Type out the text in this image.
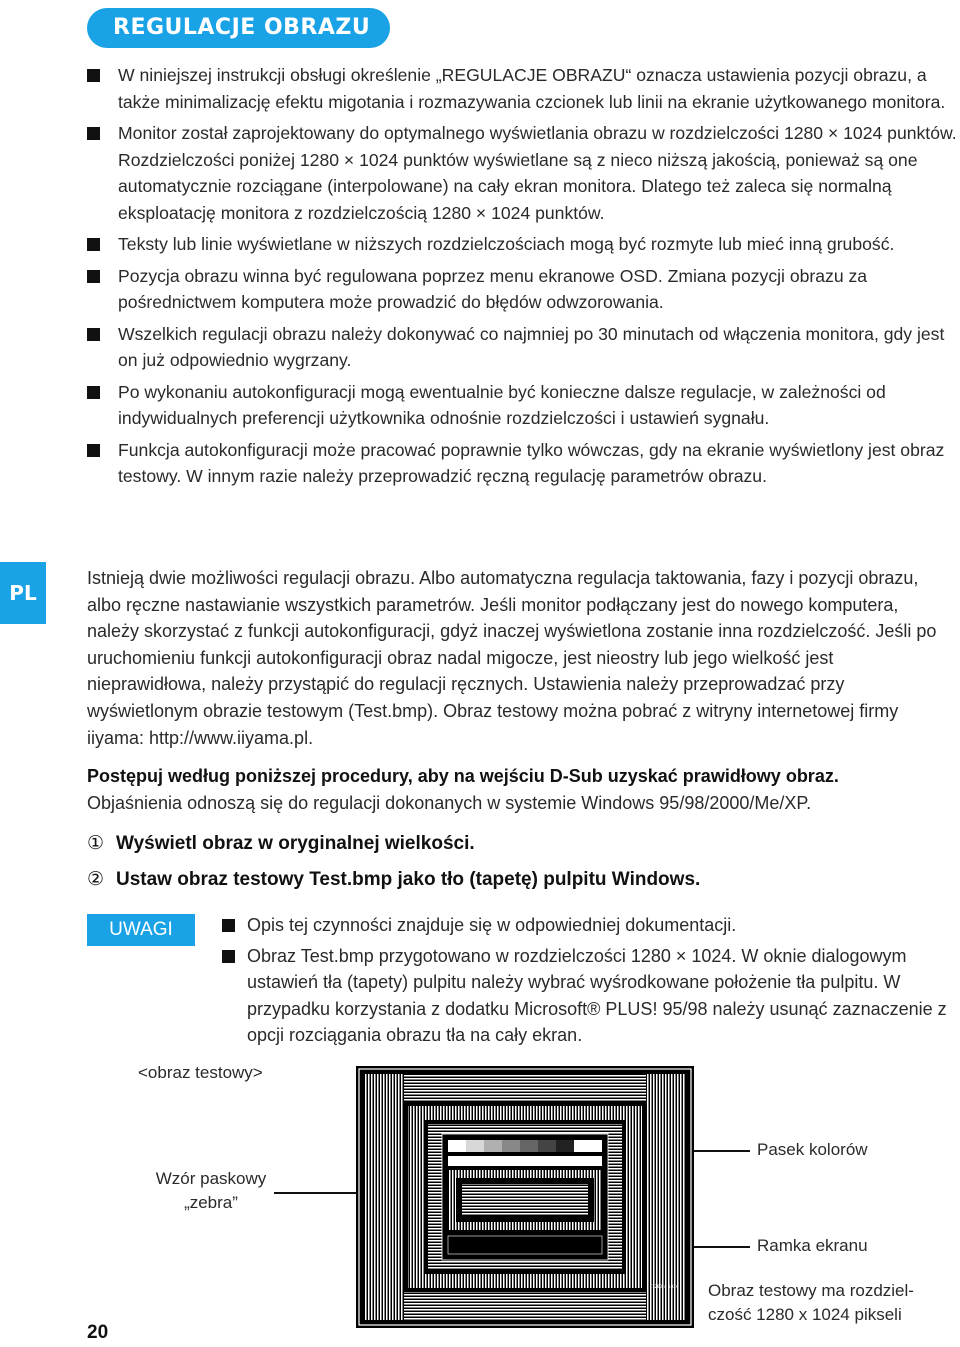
REGULACJE OBRAZU
W niniejszej instrukcji obsługi określenie „REGULACJE OBRAZU“ oznacza ustawienia pozycji obrazu, a także minimalizację efektu migotania i rozmazywania czcionek lub linii na ekranie użytkowanego monitora.
Monitor został zaprojektowany do optymalnego wyświetlania obrazu w rozdzielczości 1280 × 1024 punktów. Rozdzielczości poniżej 1280 × 1024 punktów wyświetlane są z nieco niższą jakością, ponieważ są one automatycznie rozciągane (interpolowane) na cały ekran monitora. Dlatego też zaleca się normalną eksploatację monitora z rozdzielczością 1280 × 1024 punktów.
Teksty lub linie wyświetlane w niższych rozdzielczościach mogą być rozmyte lub mieć inną grubość.
Pozycja obrazu winna być regulowana poprzez menu ekranowe OSD. Zmiana pozycji obrazu za pośrednictwem komputera może prowadzić do błędów odwzorowania.
Wszelkich regulacji obrazu należy dokonywać co najmniej po 30 minutach od włączenia monitora, gdy jest on już odpowiednio wygrzany.
Po wykonaniu autokonfiguracji mogą ewentualnie być konieczne dalsze regulacje, w zależności od indywidualnych preferencji użytkownika odnośnie rozdzielczości i ustawień sygnału.
Funkcja autokonfiguracji może pracować poprawnie tylko wówczas, gdy na ekranie wyświetlony jest obraz testowy. W innym razie należy przeprowadzić ręczną regulację parametrów obrazu.
PL

Istnieją dwie możliwości regulacji obrazu. Albo automatyczna regulacja taktowania, fazy i pozycji obrazu, albo ręczne nastawianie wszystkich parametrów. Jeśli monitor podłączany jest do nowego komputera, należy skorzystać z funkcji autokonfiguracji, gdyż inaczej wyświetlona zostanie inna rozdzielczość. Jeśli po uruchomieniu funkcji autokonfiguracji obraz nadal migocze, jest nieostry lub jego wielkość jest nieprawidłowa, należy przystąpić do regulacji ręcznych. Ustawienia należy przeprowadzać przy wyświetlonym obrazie testowym (Test.bmp). Obraz testowy można pobrać z witryny internetowej firmy iiyama: http://www.iiyama.pl.

Postępuj według poniższej procedury, aby na wejściu D-Sub uzyskać prawidłowy obraz.
Objaśnienia odnoszą się do regulacji dokonanych w systemie Windows 95/98/2000/Me/XP.
① Wyświetl obraz w oryginalnej wielkości.
② Ustaw obraz testowy Test.bmp jako tło (tapetę) pulpitu Windows.
UWAGI	Opis tej czynności znajduje się w odpowiedniej dokumentacji.
Obraz Test.bmp przygotowano w rozdzielczości 1280 × 1024. W oknie dialogowym ustawień tła (tapety) pulpitu należy wybrać wyśrodkowane położenie tła pulpitu. W przypadku korzystania z dodatku Microsoft® PLUS! 95/98 należy usunąć zaznaczenie z opcji rozciągania obrazu tła na cały ekran.
<obraz testowy>
Wzór paskowy
„zebra”
Pasek kolorów
Ramka ekranu
Obraz testowy ma rozdziel-
czość 1280 x 1024 pikseli
1280 × 1024
20
